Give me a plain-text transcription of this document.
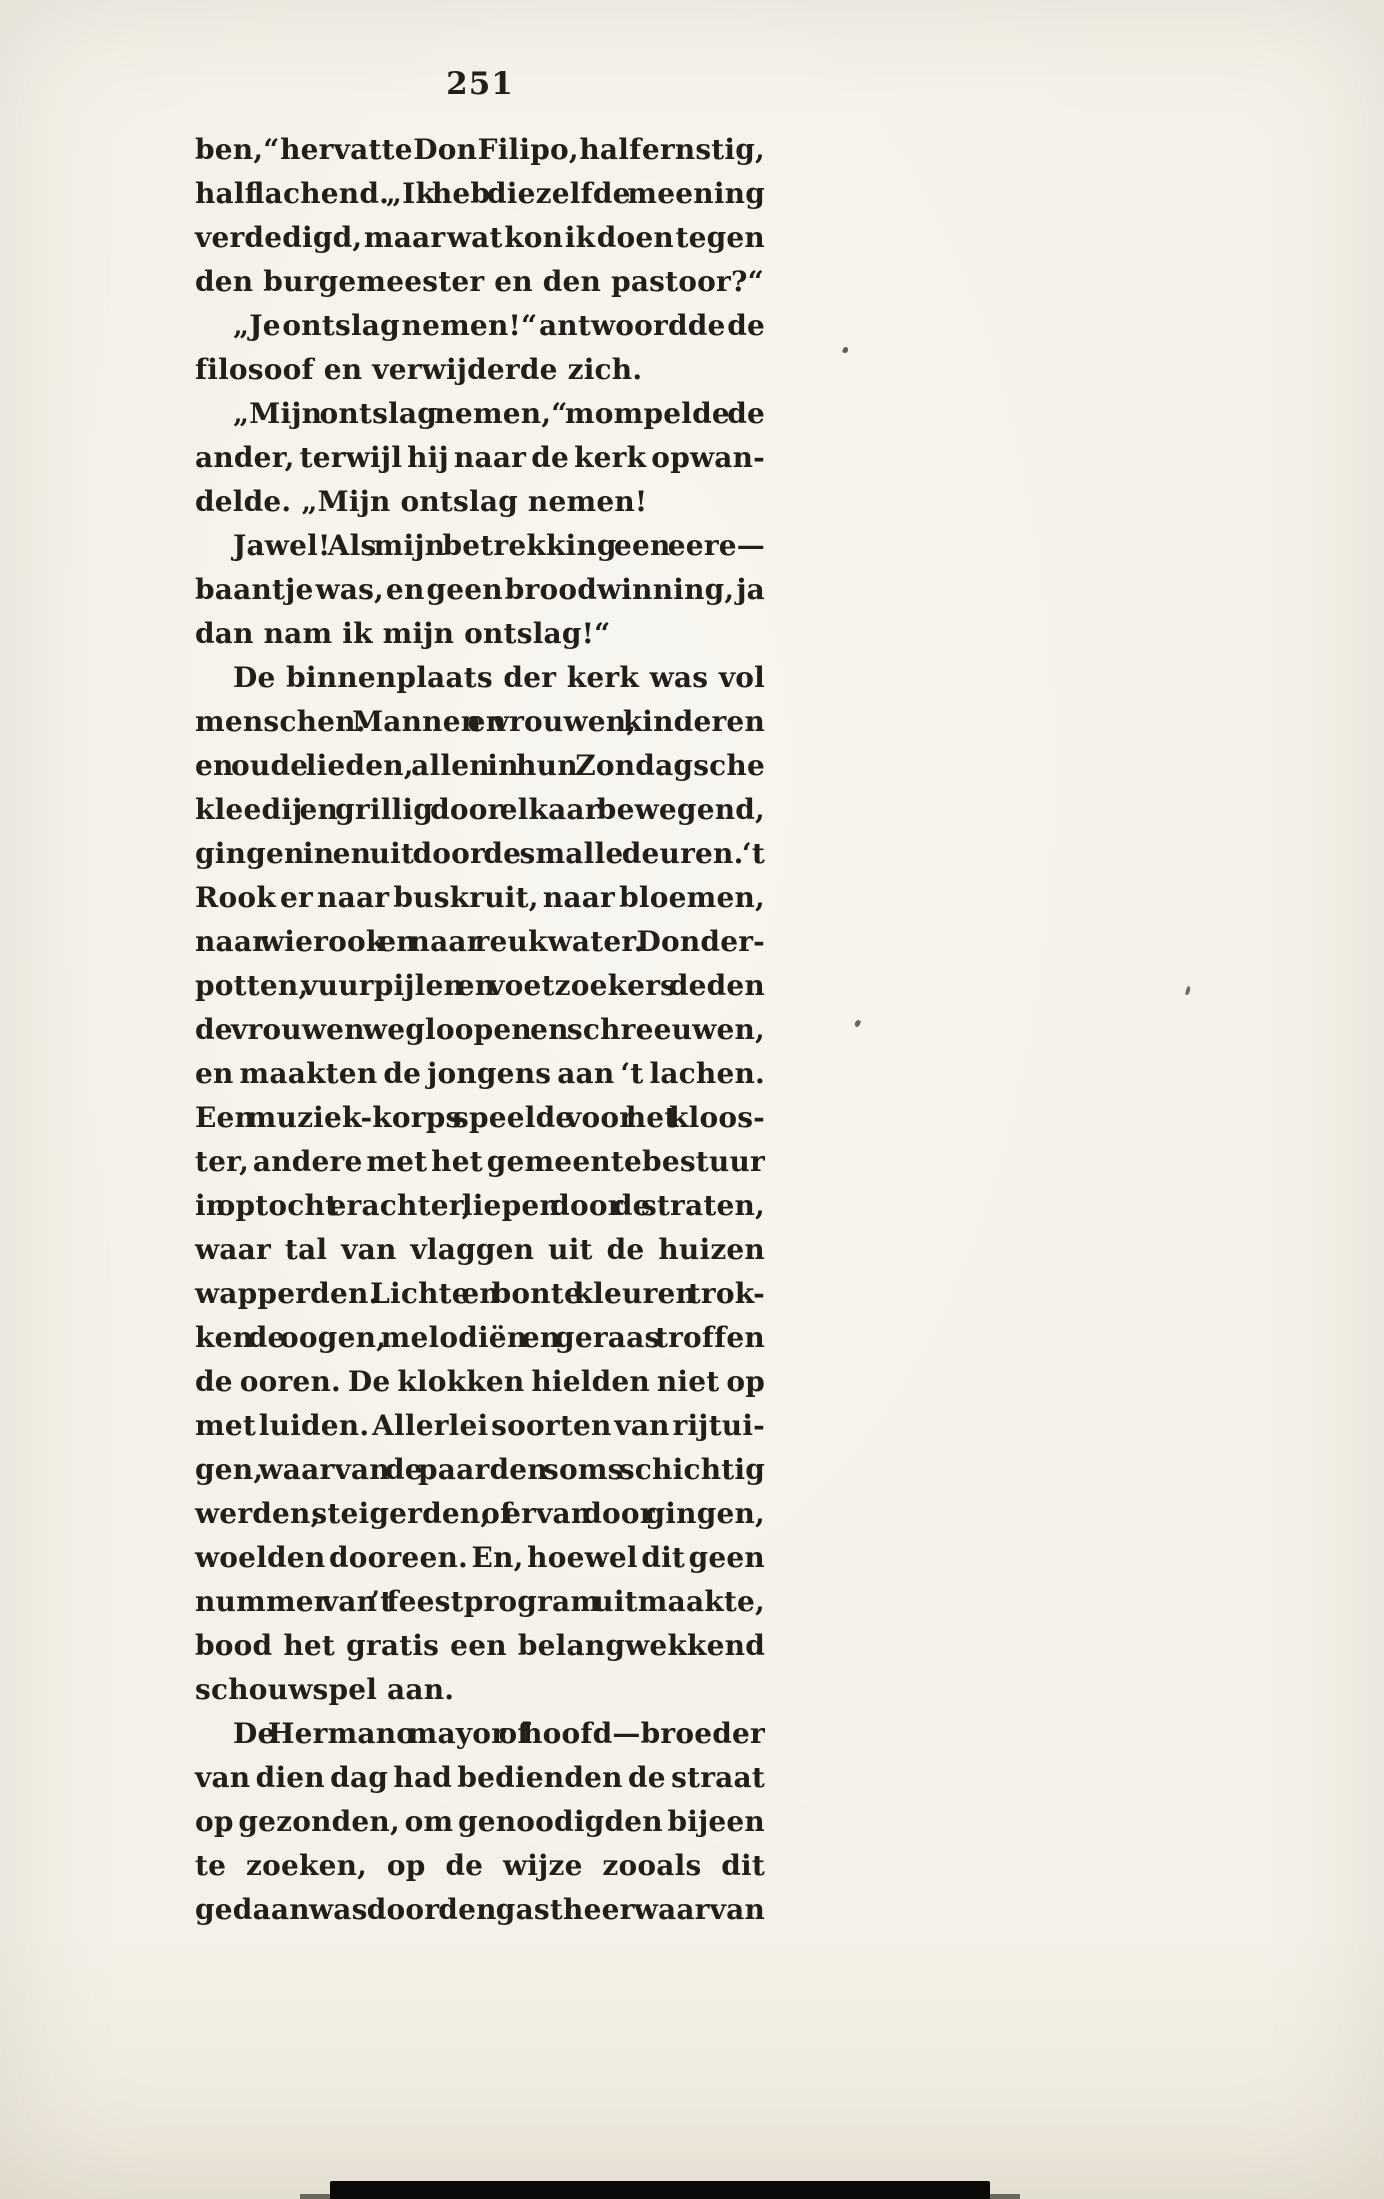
251
ben,“ hervatte Don Filipo, half ernstig,
half lachend. „Ik heb diezelfde meening
verdedigd, maar wat kon ik doen tegen
den burgemeester en den pastoor?“
„Je ontslag nemen!“ antwoordde de
filosoof en verwijderde zich.
„Mijn ontslag nemen,“ mompelde de
ander, terwijl hij naar de kerk opwan-
delde. „Mijn ontslag nemen!
Jawel! Als mijn betrekking een eere—
baantje was, en geen broodwinning, ja
dan nam ik mijn ontslag!“
De binnenplaats der kerk was vol
menschen. Mannen en vrouwen, kinderen
en oude lieden, allen in hun Zondagsche
kleedij en grillig door elkaar bewegend,
gingen in en uit door de smalle deuren. ‘t
Rook er naar buskruit, naar bloemen,
naar wierook en naar reukwater. Donder-
potten, vuurpijlen en voetzoekers deden
de vrouwen wegloopen en schreeuwen,
en maakten de jongens aan ‘t lachen.
Een muziek-korps speelde voor het kloos-
ter, andere met het gemeentebestuur
in optocht erachter, liepen door de straten,
waar tal van vlaggen uit de huizen
wapperden. Lichte en bonte kleuren trok-
ken de oogen, melodiën en geraas troffen
de ooren. De klokken hielden niet op
met luiden. Allerlei soorten van rijtui-
gen, waarvan de paarden soms schichtig
werden, steigerden, of ervan door gingen,
woelden dooreen. En, hoewel dit geen
nummer van ’t feestprogram uitmaakte,
bood het gratis een belangwekkend
schouwspel aan.
De Hermano mayor of hoofd—broeder
van dien dag had bedienden de straat
op gezonden, om genoodigden bijeen
te zoeken, op de wijze zooals dit
gedaan was door den gastheer waarvan
